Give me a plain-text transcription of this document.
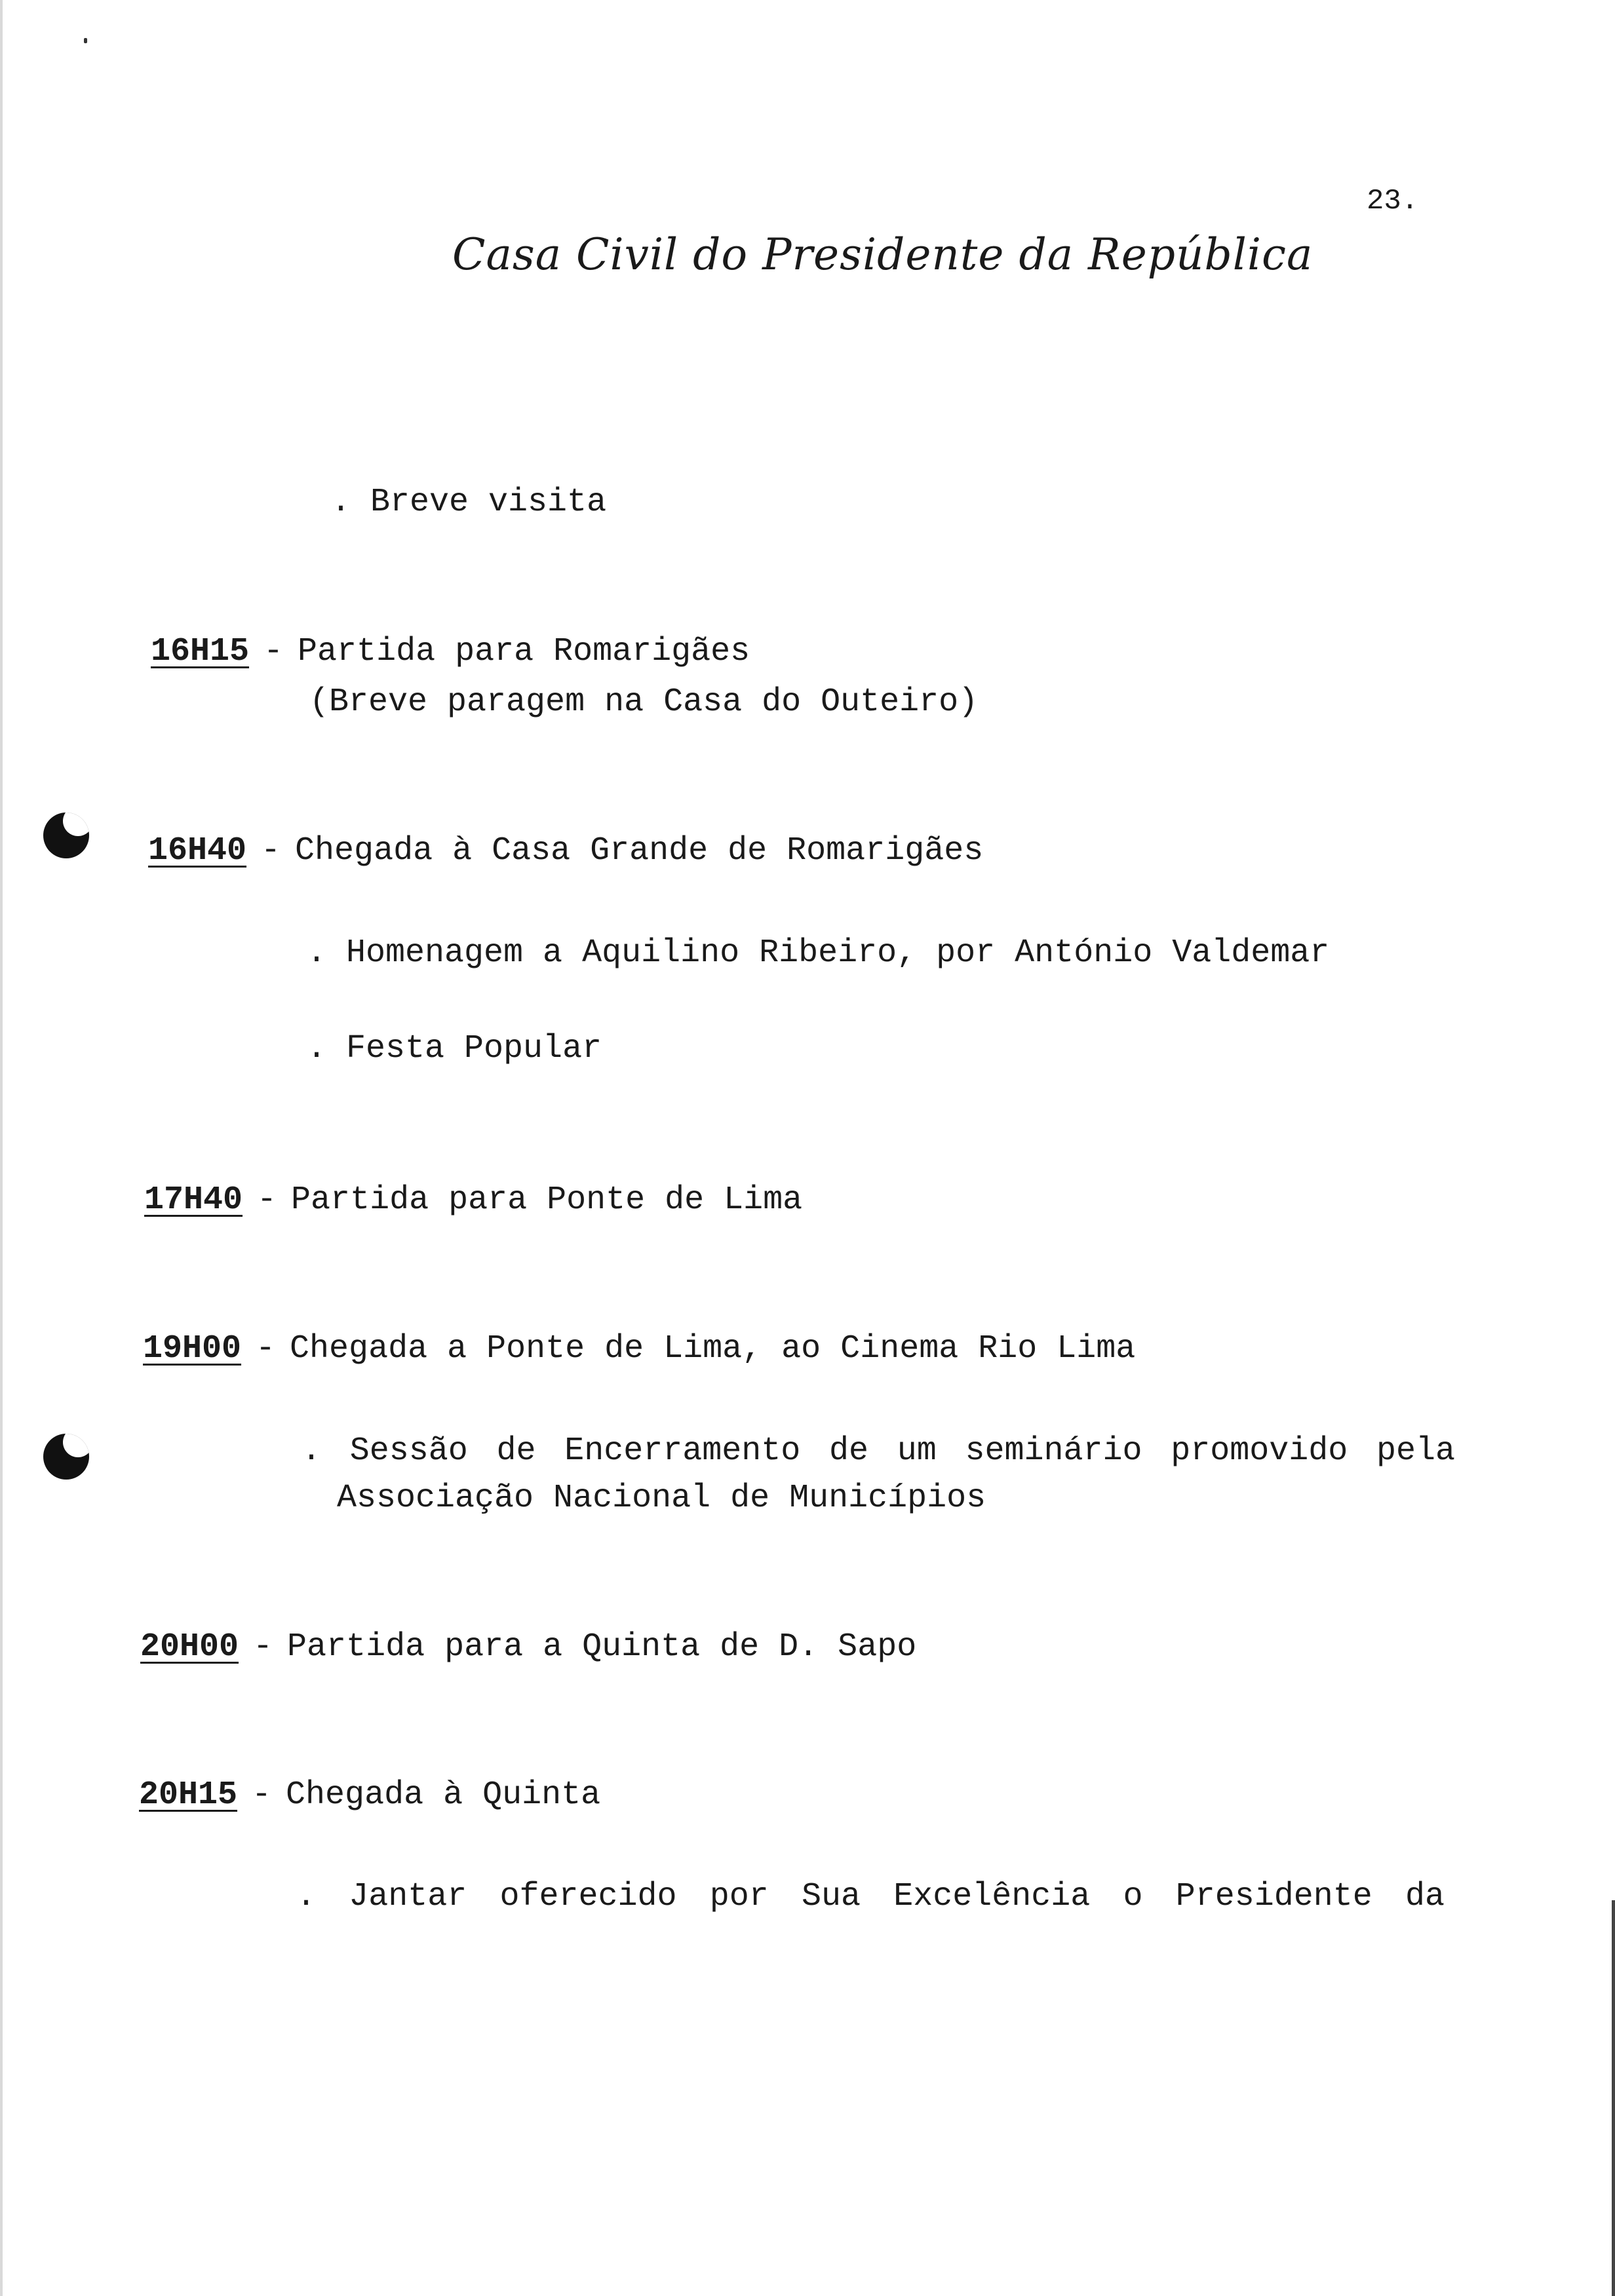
23.
Casa Civil do Presidente da República
. Breve visita
16H15 - Partida para Romarigães
(Breve paragem na Casa do Outeiro)
16H40 - Chegada à Casa Grande de Romarigães
. Homenagem a Aquilino Ribeiro, por António Valdemar
. Festa Popular
17H40 - Partida para Ponte de Lima
19H00 - Chegada a Ponte de Lima, ao Cinema Rio Lima
. Sessão de Encerramento de um seminário promovido pela
Associação Nacional de Municípios
20H00 - Partida para a Quinta de D. Sapo
20H15 - Chegada à Quinta
. Jantar oferecido por Sua Excelência o Presidente da
